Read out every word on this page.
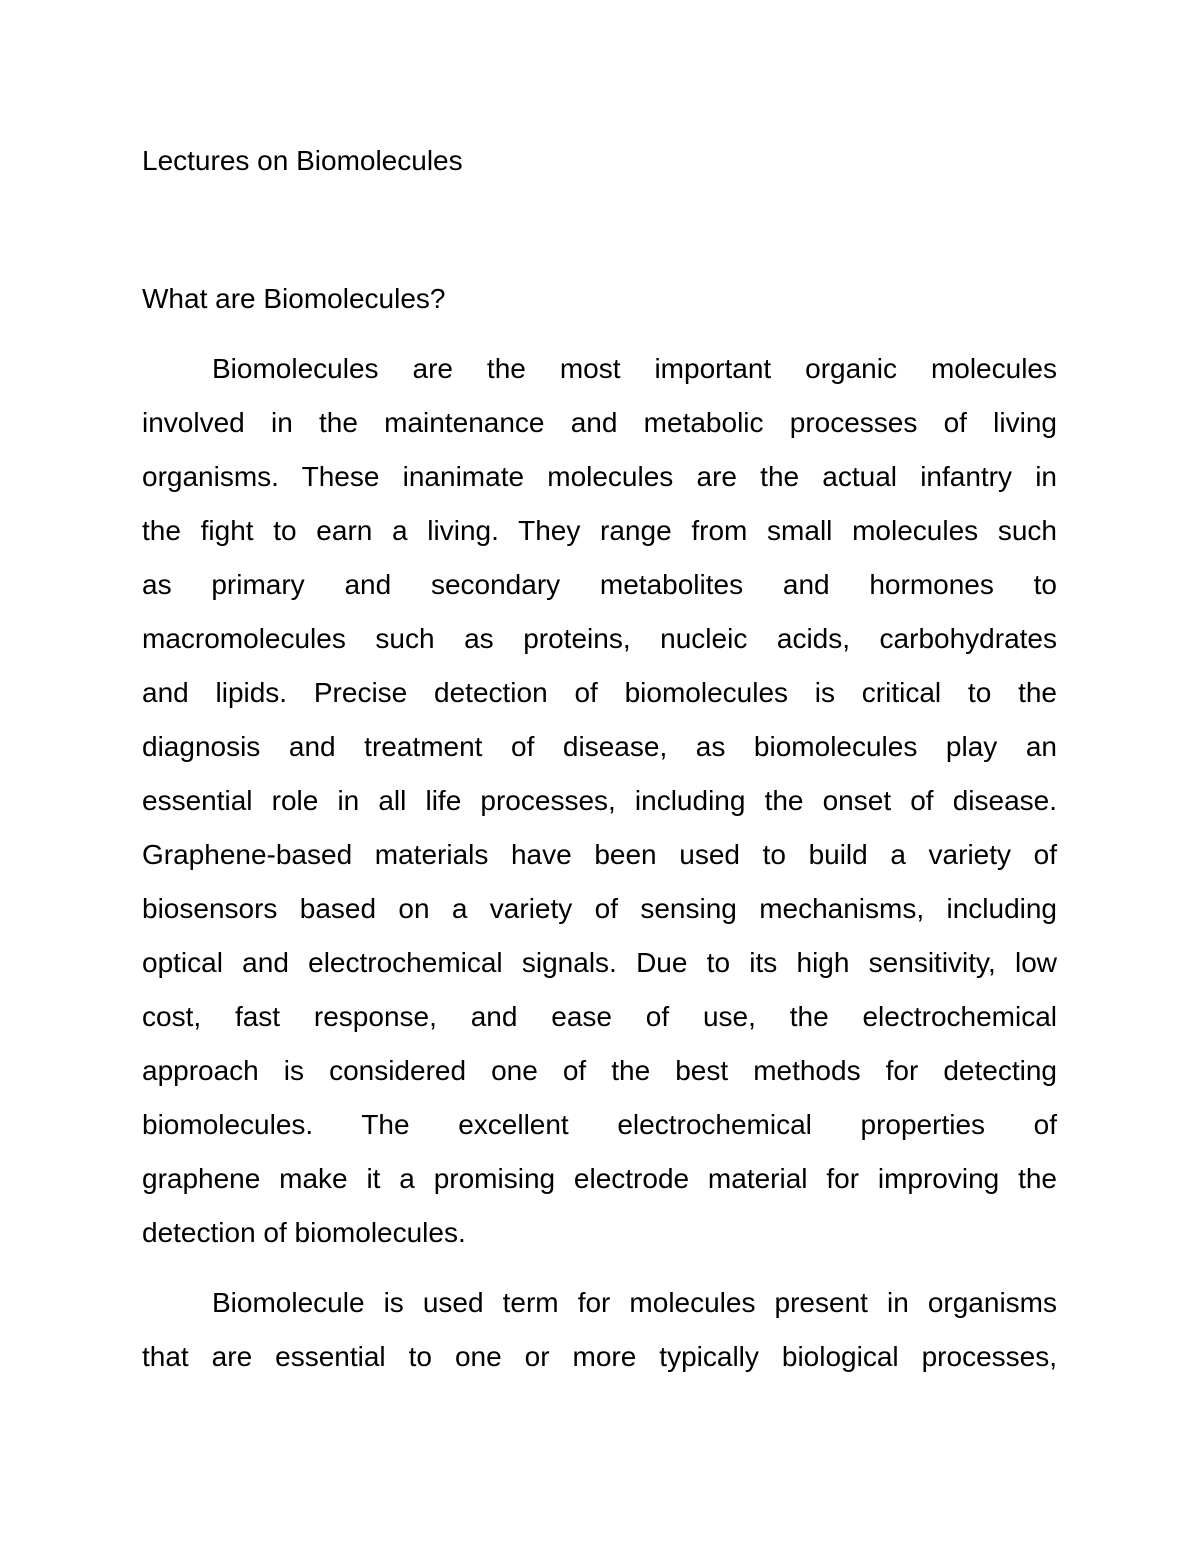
Lectures on Biomolecules
What are Biomolecules?

Biomolecules are the most important organic molecules

involved in the maintenance and metabolic processes of living

organisms. These inanimate molecules are the actual infantry in

the fight to earn a living. They range from small molecules such

as primary and secondary metabolites and hormones to

macromolecules such as proteins, nucleic acids, carbohydrates

and lipids. Precise detection of biomolecules is critical to the

diagnosis and treatment of disease, as biomolecules play an

essential role in all life processes, including the onset of disease.

Graphene-based materials have been used to build a variety of

biosensors based on a variety of sensing mechanisms, including

optical and electrochemical signals. Due to its high sensitivity, low

cost, fast response, and ease of use, the electrochemical

approach is considered one of the best methods for detecting

biomolecules. The excellent electrochemical properties of

graphene make it a promising electrode material for improving the

detection of biomolecules.

Biomolecule is used term for molecules present in organisms

that are essential to one or more typically biological processes,
